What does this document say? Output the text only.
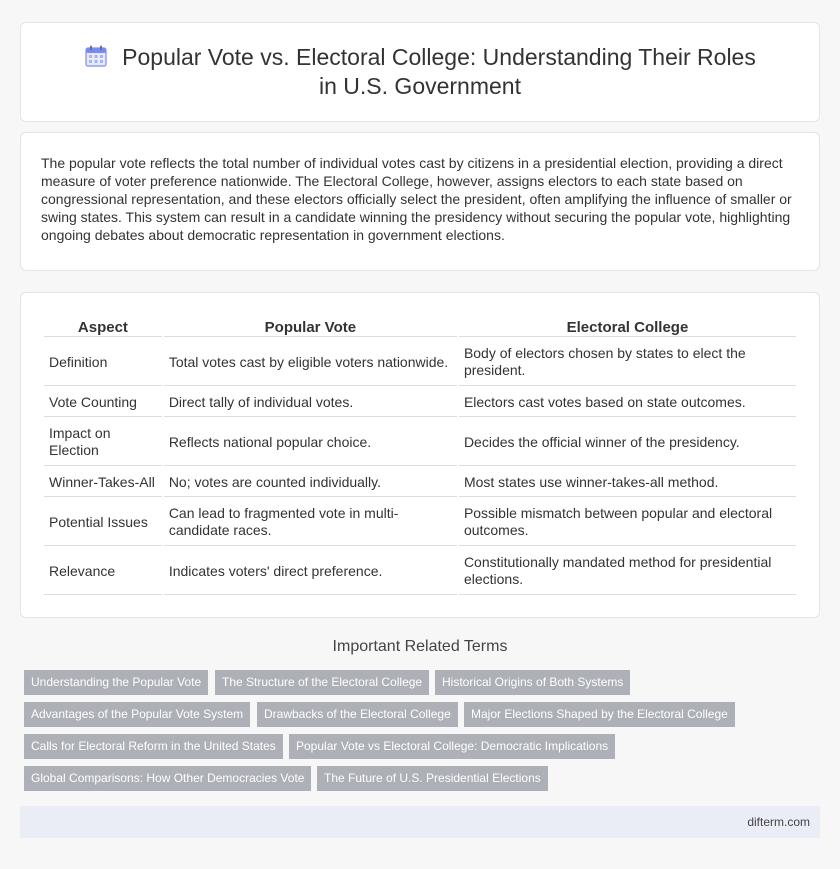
Popular Vote vs. Electoral College: Understanding Their Roles in U.S. Government

The popular vote reflects the total number of individual votes cast by citizens in a presidential election, providing a direct measure of voter preference nationwide. The Electoral College, however, assigns electors to each state based on congressional representation, and these electors officially select the president, often amplifying the influence of smaller or swing states. This system can result in a candidate winning the presidency without securing the popular vote, highlighting ongoing debates about democratic representation in government elections.

Aspect	Popular Vote	Electoral College
Definition	Total votes cast by eligible voters nationwide.	Body of electors chosen by states to elect the president.
Vote Counting	Direct tally of individual votes.	Electors cast votes based on state outcomes.
Impact on Election	Reflects national popular choice.	Decides the official winner of the presidency.
Winner-Takes-All	No; votes are counted individually.	Most states use winner-takes-all method.
Potential Issues	Can lead to fragmented vote in multi-candidate races.	Possible mismatch between popular and electoral outcomes.
Relevance	Indicates voters' direct preference.	Constitutionally mandated method for presidential elections.
Important Related Terms
Understanding the Popular Vote	The Structure of the Electoral College	Historical Origins of Both Systems
Advantages of the Popular Vote System	Drawbacks of the Electoral College	Major Elections Shaped by the Electoral College
Calls for Electoral Reform in the United States	Popular Vote vs Electoral College: Democratic Implications
Global Comparisons: How Other Democracies Vote	The Future of U.S. Presidential Elections
difterm.com
